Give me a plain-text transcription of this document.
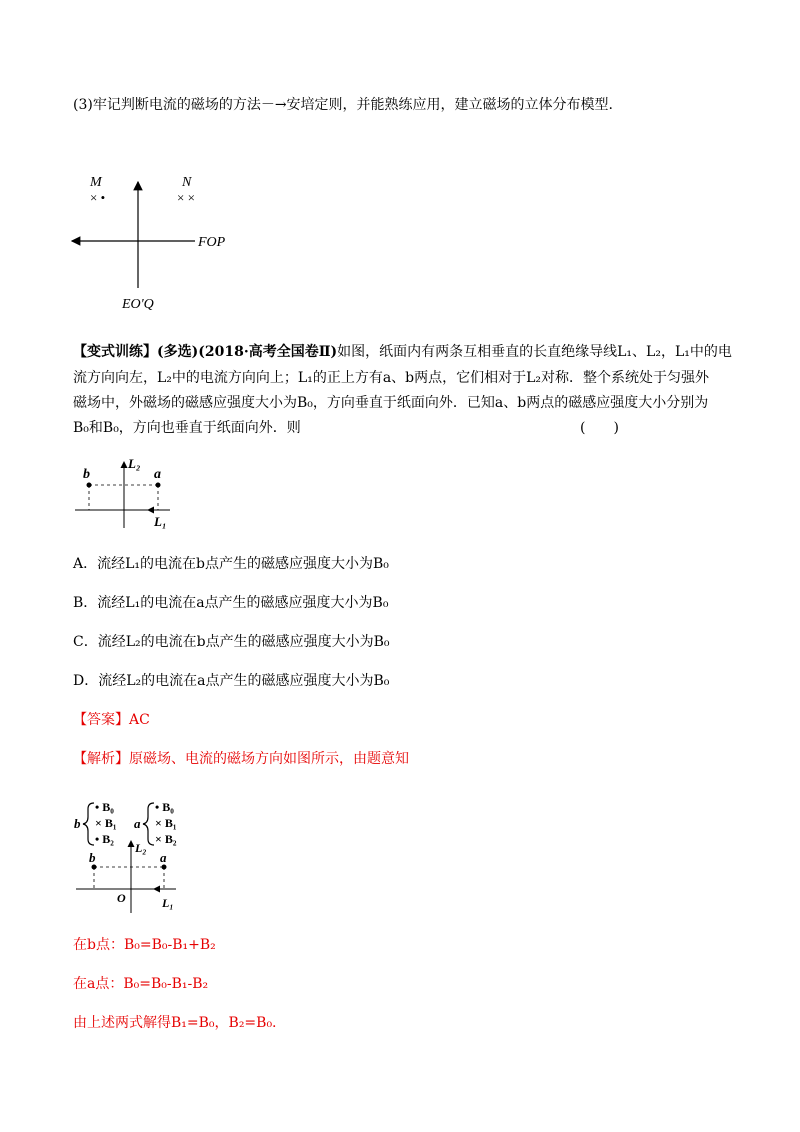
(3)牢记判断电流的磁场的方法－→安培定则，并能熟练应用，建立磁场的立体分布模型.
M	N
× •	× ×
FOP
EO'Q
【变式训练】(多选)(2018·高考全国卷Ⅱ)如图，纸面内有两条互相垂直的长直绝缘导线L₁、L₂，L₁中的电
流方向向左，L₂中的电流方向向上；L₁的正上方有a、b两点，它们相对于L₂对称．整个系统处于匀强外
磁场中，外磁场的磁感应强度大小为B₀，方向垂直于纸面向外．已知a、b两点的磁感应强度大小分别为
B₀和B₀，方向也垂直于纸面向外．则	(　　)
b	a
L₂
L₁
A．流经L₁的电流在b点产生的磁感应强度大小为B₀
B．流经L₁的电流在a点产生的磁感应强度大小为B₀
C．流经L₂的电流在b点产生的磁感应强度大小为B₀
D．流经L₂的电流在a点产生的磁感应强度大小为B₀
【答案】AC
【解析】原磁场、电流的磁场方向如图所示，由题意知
b
• B₀
× B₁
• B₂
a
• B₀
× B₁
× B₂
b	a
L₂
O	L₁
在b点：B₀=B₀-B₁+B₂
在a点：B₀=B₀-B₁-B₂
由上述两式解得B₁=B₀，B₂=B₀.
